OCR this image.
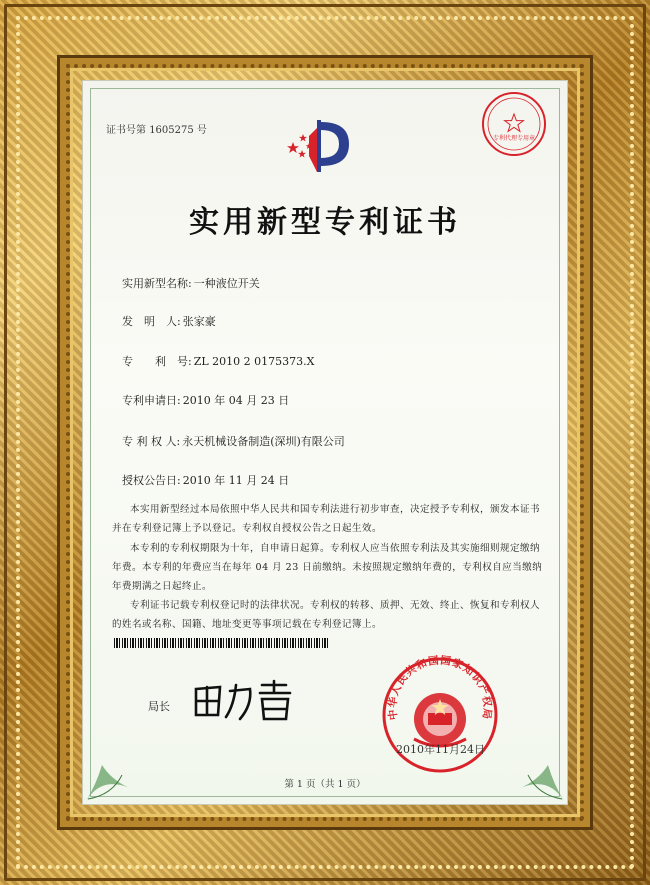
证书号第 1605275 号
专利代理专用章
实用新型专利证书
实用新型名称: 一种液位开关
发　明　人: 张家豪
专　　利　号: ZL 2010 2 0175373.X
专利申请日: 2010 年 04 月 23 日
专 利 权 人: 永天机械设备制造(深圳)有限公司
授权公告日: 2010 年 11 月 24 日
本实用新型经过本局依照中华人民共和国专利法进行初步审查，决定授予专利权，颁发本证书并在专利登记簿上予以登记。专利权自授权公告之日起生效。
本专利的专利权期限为十年，自申请日起算。专利权人应当依照专利法及其实施细则规定缴纳年费。本专利的年费应当在每年 04 月 23 日前缴纳。未按照规定缴纳年费的，专利权自应当缴纳年费期满之日起终止。
专利证书记载专利权登记时的法律状况。专利权的转移、质押、无效、终止、恢复和专利权人的姓名或名称、国籍、地址变更等事项记载在专利登记簿上。
局长
中华人民共和国国家知识产权局
2010年11月24日
第 1 页（共 1 页）
